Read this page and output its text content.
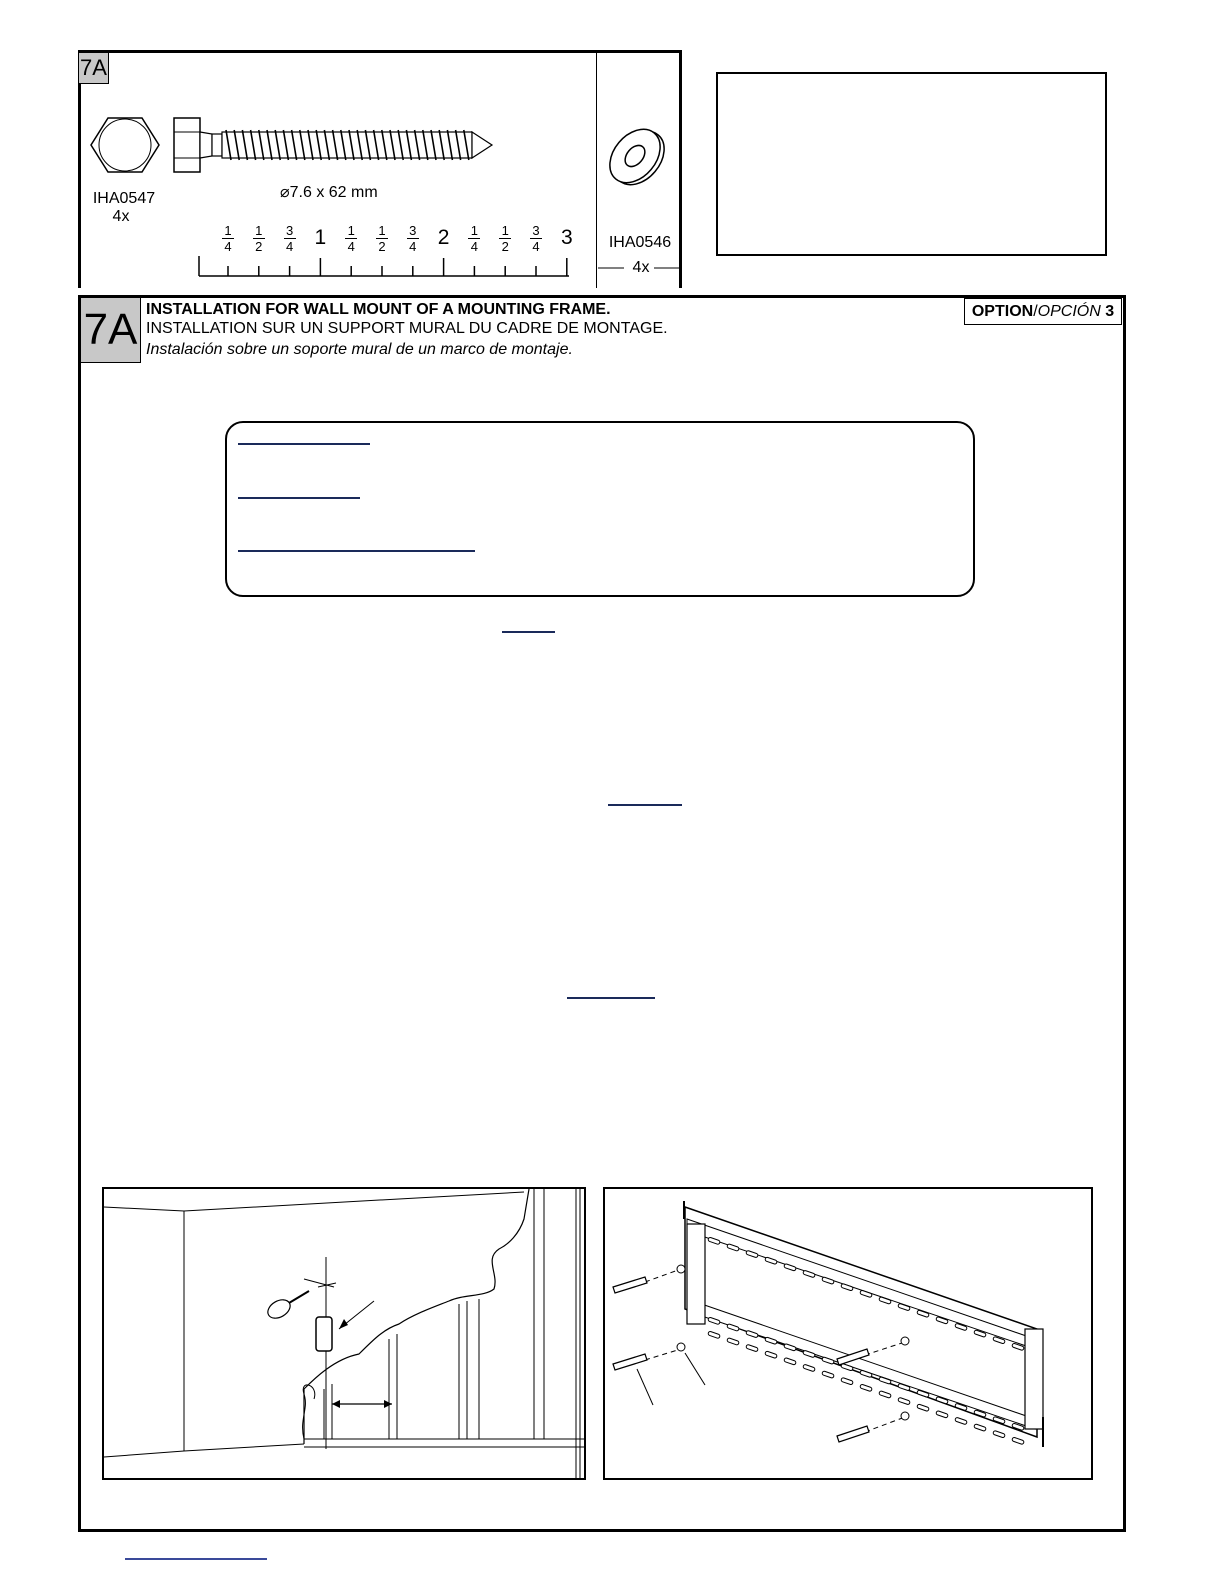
7A
IHA0547
4x
⌀7.6 x 62 mm
1
4
1
2
3
4 1	1
4
1
2
3
4 2	1
4
1
2
3
4 3	IHA0546
4x
7A INSTALLATION FOR WALL MOUNT OF A MOUNTING FRAME.
INSTALLATION SUR UN SUPPORT MURAL DU CADRE DE MONTAGE.
Instalación sobre un soporte mural de un marco de montaje.
OPTION/OPCIÓN 3
